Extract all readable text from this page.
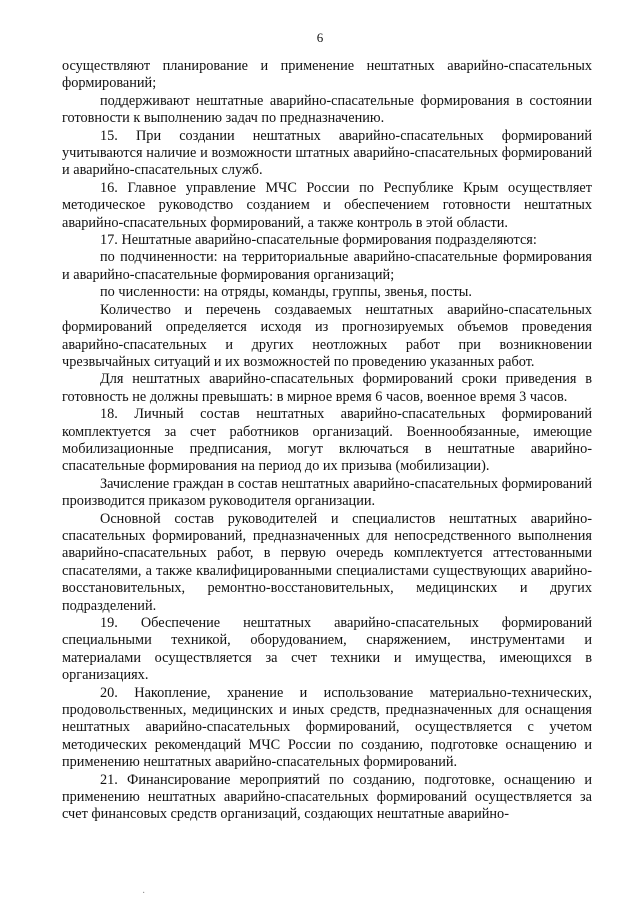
6

осуществляют планирование и применение нештатных аварийно-спасательных формирований;

поддерживают нештатные аварийно-спасательные формирования в состоянии готовности к выполнению задач по предназначению.

15. При создании нештатных аварийно-спасательных формирований учитываются наличие и возможности штатных аварийно-спасательных формирований и аварийно-спасательных служб.

16. Главное управление МЧС России по Республике Крым осуществляет методическое руководство созданием и обеспечением готовности нештатных аварийно-спасательных формирований, а также контроль в этой области.

17. Нештатные аварийно-спасательные формирования подразделяются:

по подчиненности: на территориальные аварийно-спасательные формирования и аварийно-спасательные формирования организаций;

по численности: на отряды, команды, группы, звенья, посты.

Количество и перечень создаваемых нештатных аварийно-спасательных формирований определяется исходя из прогнозируемых объемов проведения аварийно-спасательных и других неотложных работ при возникновении чрезвычайных ситуаций и их возможностей по проведению указанных работ.

Для нештатных аварийно-спасательных формирований сроки приведения в готовность не должны превышать: в мирное время 6 часов, военное время 3 часов.

18. Личный состав нештатных аварийно-спасательных формирований комплектуется за счет работников организаций. Военнообязанные, имеющие мобилизационные предписания, могут включаться в нештатные аварийно-спасательные формирования на период до их призыва (мобилизации).

Зачисление граждан в состав нештатных аварийно-спасательных формирований производится приказом руководителя организации.

Основной состав руководителей и специалистов нештатных аварийно-спасательных формирований, предназначенных для непосредственного выполнения аварийно-спасательных работ, в первую очередь комплектуется аттестованными спасателями, а также квалифицированными специалистами существующих аварийно-восстановительных, ремонтно-восстановительных, медицинских и других подразделений.

19. Обеспечение нештатных аварийно-спасательных формирований специальными техникой, оборудованием, снаряжением, инструментами и материалами осуществляется за счет техники и имущества, имеющихся в организациях.

20. Накопление, хранение и использование материально-технических, продовольственных, медицинских и иных средств, предназначенных для оснащения нештатных аварийно-спасательных формирований, осуществляется с учетом методических рекомендаций МЧС России по созданию, подготовке оснащению и применению нештатных аварийно-спасательных формирований.

21. Финансирование мероприятий по созданию, подготовке, оснащению и применению нештатных аварийно-спасательных формирований осуществляется за счет финансовых средств организаций, создающих нештатные аварийно-

·
